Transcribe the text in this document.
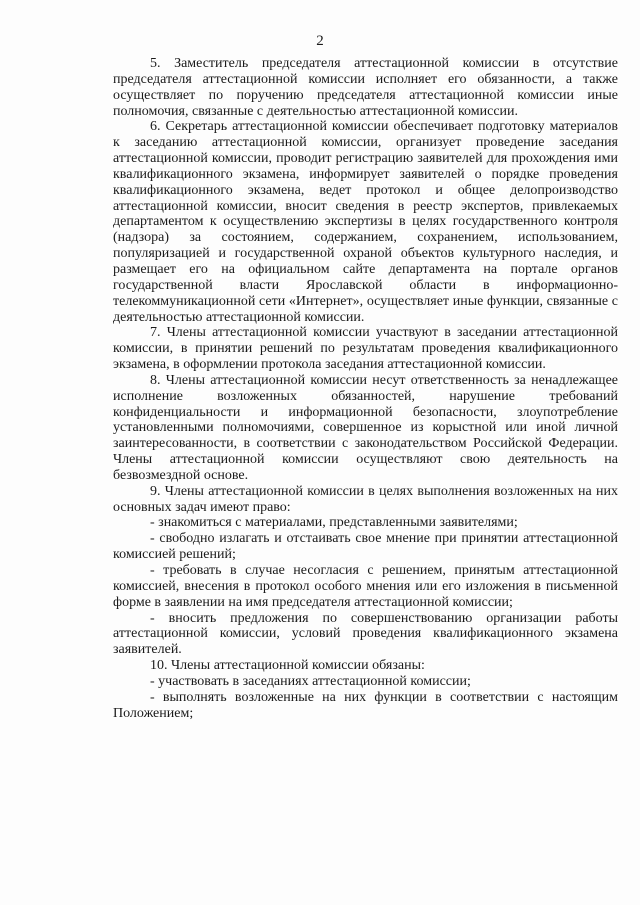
2

5. Заместитель председателя аттестационной комиссии в отсутствие председателя аттестационной комиссии исполняет его обязанности, а также осуществляет по поручению председателя аттестационной комиссии иные полномочия, связанные с деятельностью аттестационной комиссии.

6. Секретарь аттестационной комиссии обеспечивает подготовку материалов к заседанию аттестационной комиссии, организует проведение заседания аттестационной комиссии, проводит регистрацию заявителей для прохождения ими квалификационного экзамена, информирует заявителей о порядке проведения квалификационного экзамена, ведет протокол и общее делопроизводство аттестационной комиссии, вносит сведения в реестр экспертов, привлекаемых департаментом к осуществлению экспертизы в целях государственного контроля (надзора) за состоянием, содержанием, сохранением, использованием, популяризацией и государственной охраной объектов культурного наследия, и размещает его на официальном сайте департамента на портале органов государственной власти Ярославской области в информационно-телекоммуникационной сети «Интернет», осуществляет иные функции, связанные с деятельностью аттестационной комиссии.

7. Члены аттестационной комиссии участвуют в заседании аттестационной комиссии, в принятии решений по результатам проведения квалификационного экзамена, в оформлении протокола заседания аттестационной комиссии.

8. Члены аттестационной комиссии несут ответственность за ненадлежащее исполнение возложенных обязанностей, нарушение требований конфиденциальности и информационной безопасности, злоупотребление установленными полномочиями, совершенное из корыстной или иной личной заинтересованности, в соответствии с законодательством Российской Федерации. Члены аттестационной комиссии осуществляют свою деятельность на безвозмездной основе.

9. Члены аттестационной комиссии в целях выполнения возложенных на них основных задач имеют право:

- знакомиться с материалами, представленными заявителями;

- свободно излагать и отстаивать свое мнение при принятии аттестационной комиссией решений;

- требовать в случае несогласия с решением, принятым аттестационной комиссией, внесения в протокол особого мнения или его изложения в письменной форме в заявлении на имя председателя аттестационной комиссии;

- вносить предложения по совершенствованию организации работы аттестационной комиссии, условий проведения квалификационного экзамена заявителей.

10. Члены аттестационной комиссии обязаны:

- участвовать в заседаниях аттестационной комиссии;

- выполнять возложенные на них функции в соответствии с настоящим Положением;
